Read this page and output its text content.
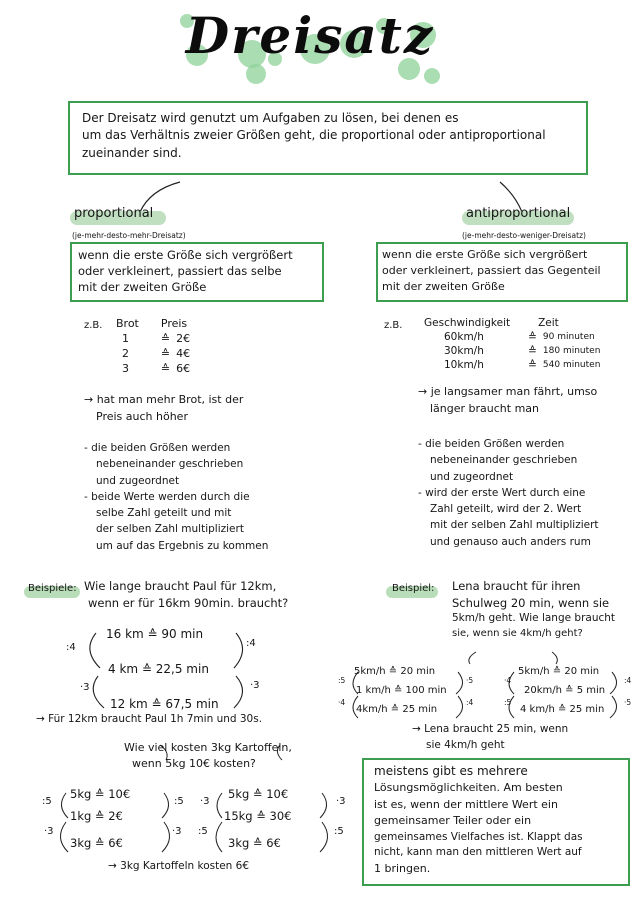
Dreisatz
Der Dreisatz wird genutzt um Aufgaben zu lösen, bei denen es
um das Verhältnis zweier Größen geht, die proportional oder antiproportional
zueinander sind.
proportional
(je-mehr-desto-mehr-Dreisatz)
wenn die erste Größe sich vergrößert
oder verkleinert, passiert das selbe
mit der zweiten Größe
z.B. Brot	Preis	
1	≙	2€
2	≙	4€
3	≙	6€
→ hat man mehr Brot, ist der
Preis auch höher
- die beiden Größen werden
nebeneinander geschrieben
und zugeordnet
- beide Werte werden durch die
selbe Zahl geteilt und mit
der selben Zahl multipliziert
um auf das Ergebnis zu kommen
antiproportional
(je-mehr-desto-weniger-Dreisatz)
wenn die erste Größe sich vergrößert
oder verkleinert, passiert das Gegenteil
mit der zweiten Größe
z.B. Geschwindigkeit	Zeit	
60km/h	≙	90 minuten
30km/h	≙	180 minuten
10km/h	≙	540 minuten
→ je langsamer man fährt, umso
länger braucht man
- die beiden Größen werden
nebeneinander geschrieben
und zugeordnet
- wird der erste Wert durch eine
Zahl geteilt, wird der 2. Wert
mit der selben Zahl multipliziert
und genauso auch anders rum
Beispiele: Wie lange braucht Paul für 12km,
wenn er für 16km 90min. braucht?
16 km ≙ 90 min
4 km ≙ 22,5 min
12 km ≙ 67,5 min
:4	:4
·3	·3
→ Für 12km braucht Paul 1h 7min und 30s.
Wie viel kosten 3kg Kartoffeln,
wenn 5kg 10€ kosten?
5kg ≙ 10€
1kg ≙ 2€
3kg ≙ 6€
5kg ≙ 10€
15kg ≙ 30€
3kg ≙ 6€
:5	:5
·3	·3
·3	·3
:5	:5
→ 3kg Kartoffeln kosten 6€
Beispiel: Lena braucht für ihren
Schulweg 20 min, wenn sie
5km/h geht. Wie lange braucht
sie, wenn sie 4km/h geht?
5km/h ≙ 20 min
1 km/h ≙ 100 min
4km/h ≙ 25 min
5km/h ≙ 20 min
20km/h ≙ 5 min
4 km/h ≙ 25 min
:5	·5
·4	:4
·4	:4
:5	·5
→ Lena braucht 25 min, wenn
sie 4km/h geht
meistens gibt es mehrere
Lösungsmöglichkeiten. Am besten
ist es, wenn der mittlere Wert ein
gemeinsamer Teiler oder ein
gemeinsames Vielfaches ist. Klappt das
nicht, kann man den mittleren Wert auf
1 bringen.
